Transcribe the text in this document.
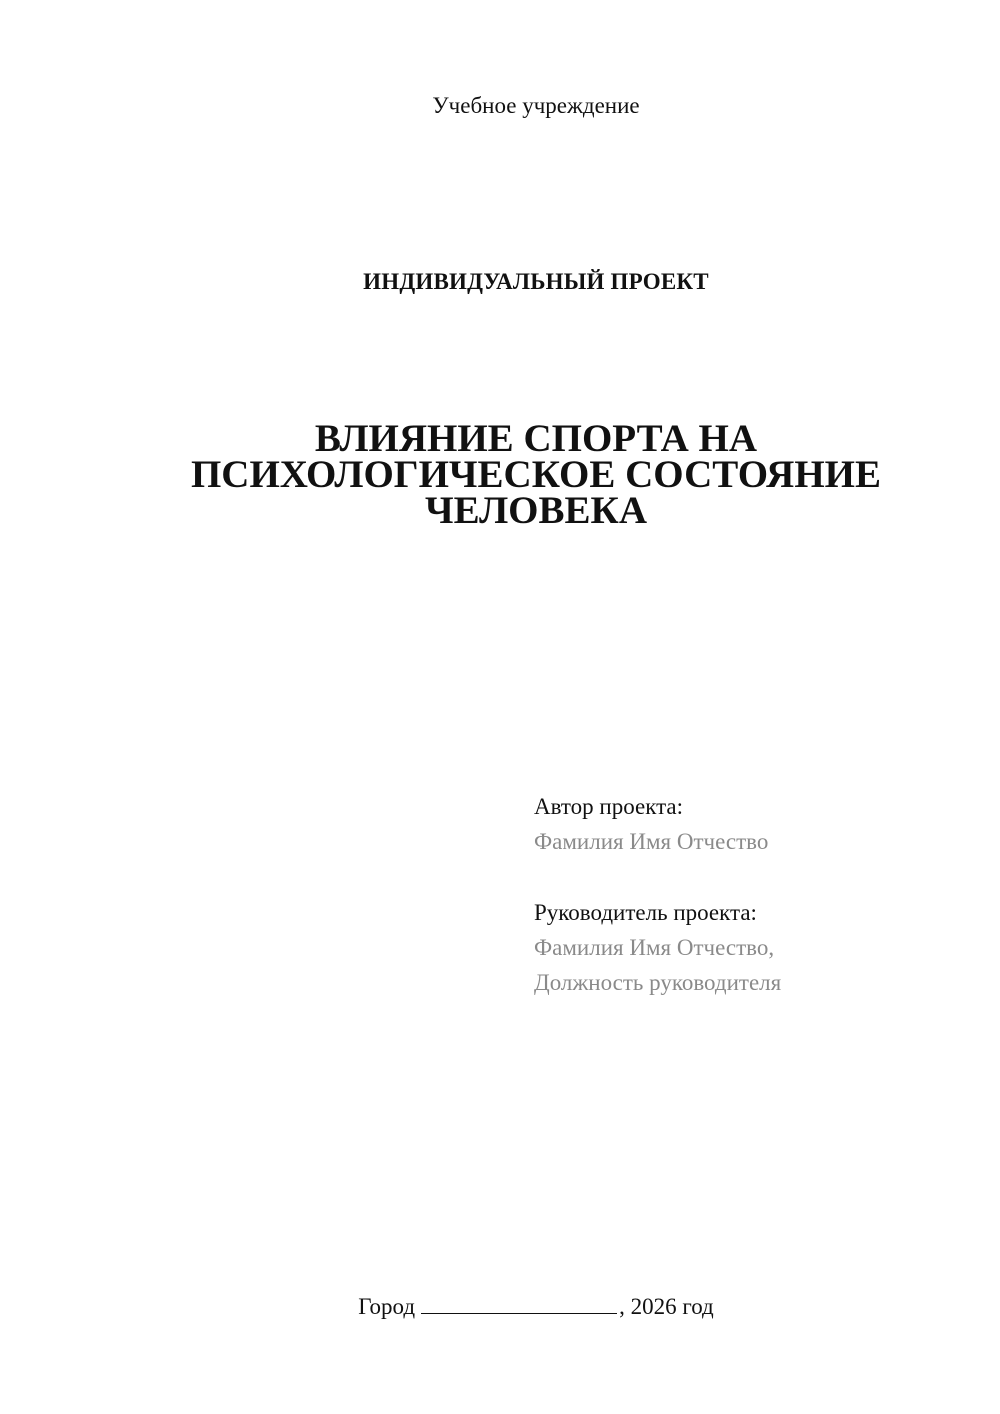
Учебное учреждение
ИНДИВИДУАЛЬНЫЙ ПРОЕКТ
ВЛИЯНИЕ СПОРТА НА
ПСИХОЛОГИЧЕСКОЕ СОСТОЯНИЕ
ЧЕЛОВЕКА
Автор проекта:
Фамилия Имя Отчество
Руководитель проекта:
Фамилия Имя Отчество,
Должность руководителя
Город	, 2026 год
